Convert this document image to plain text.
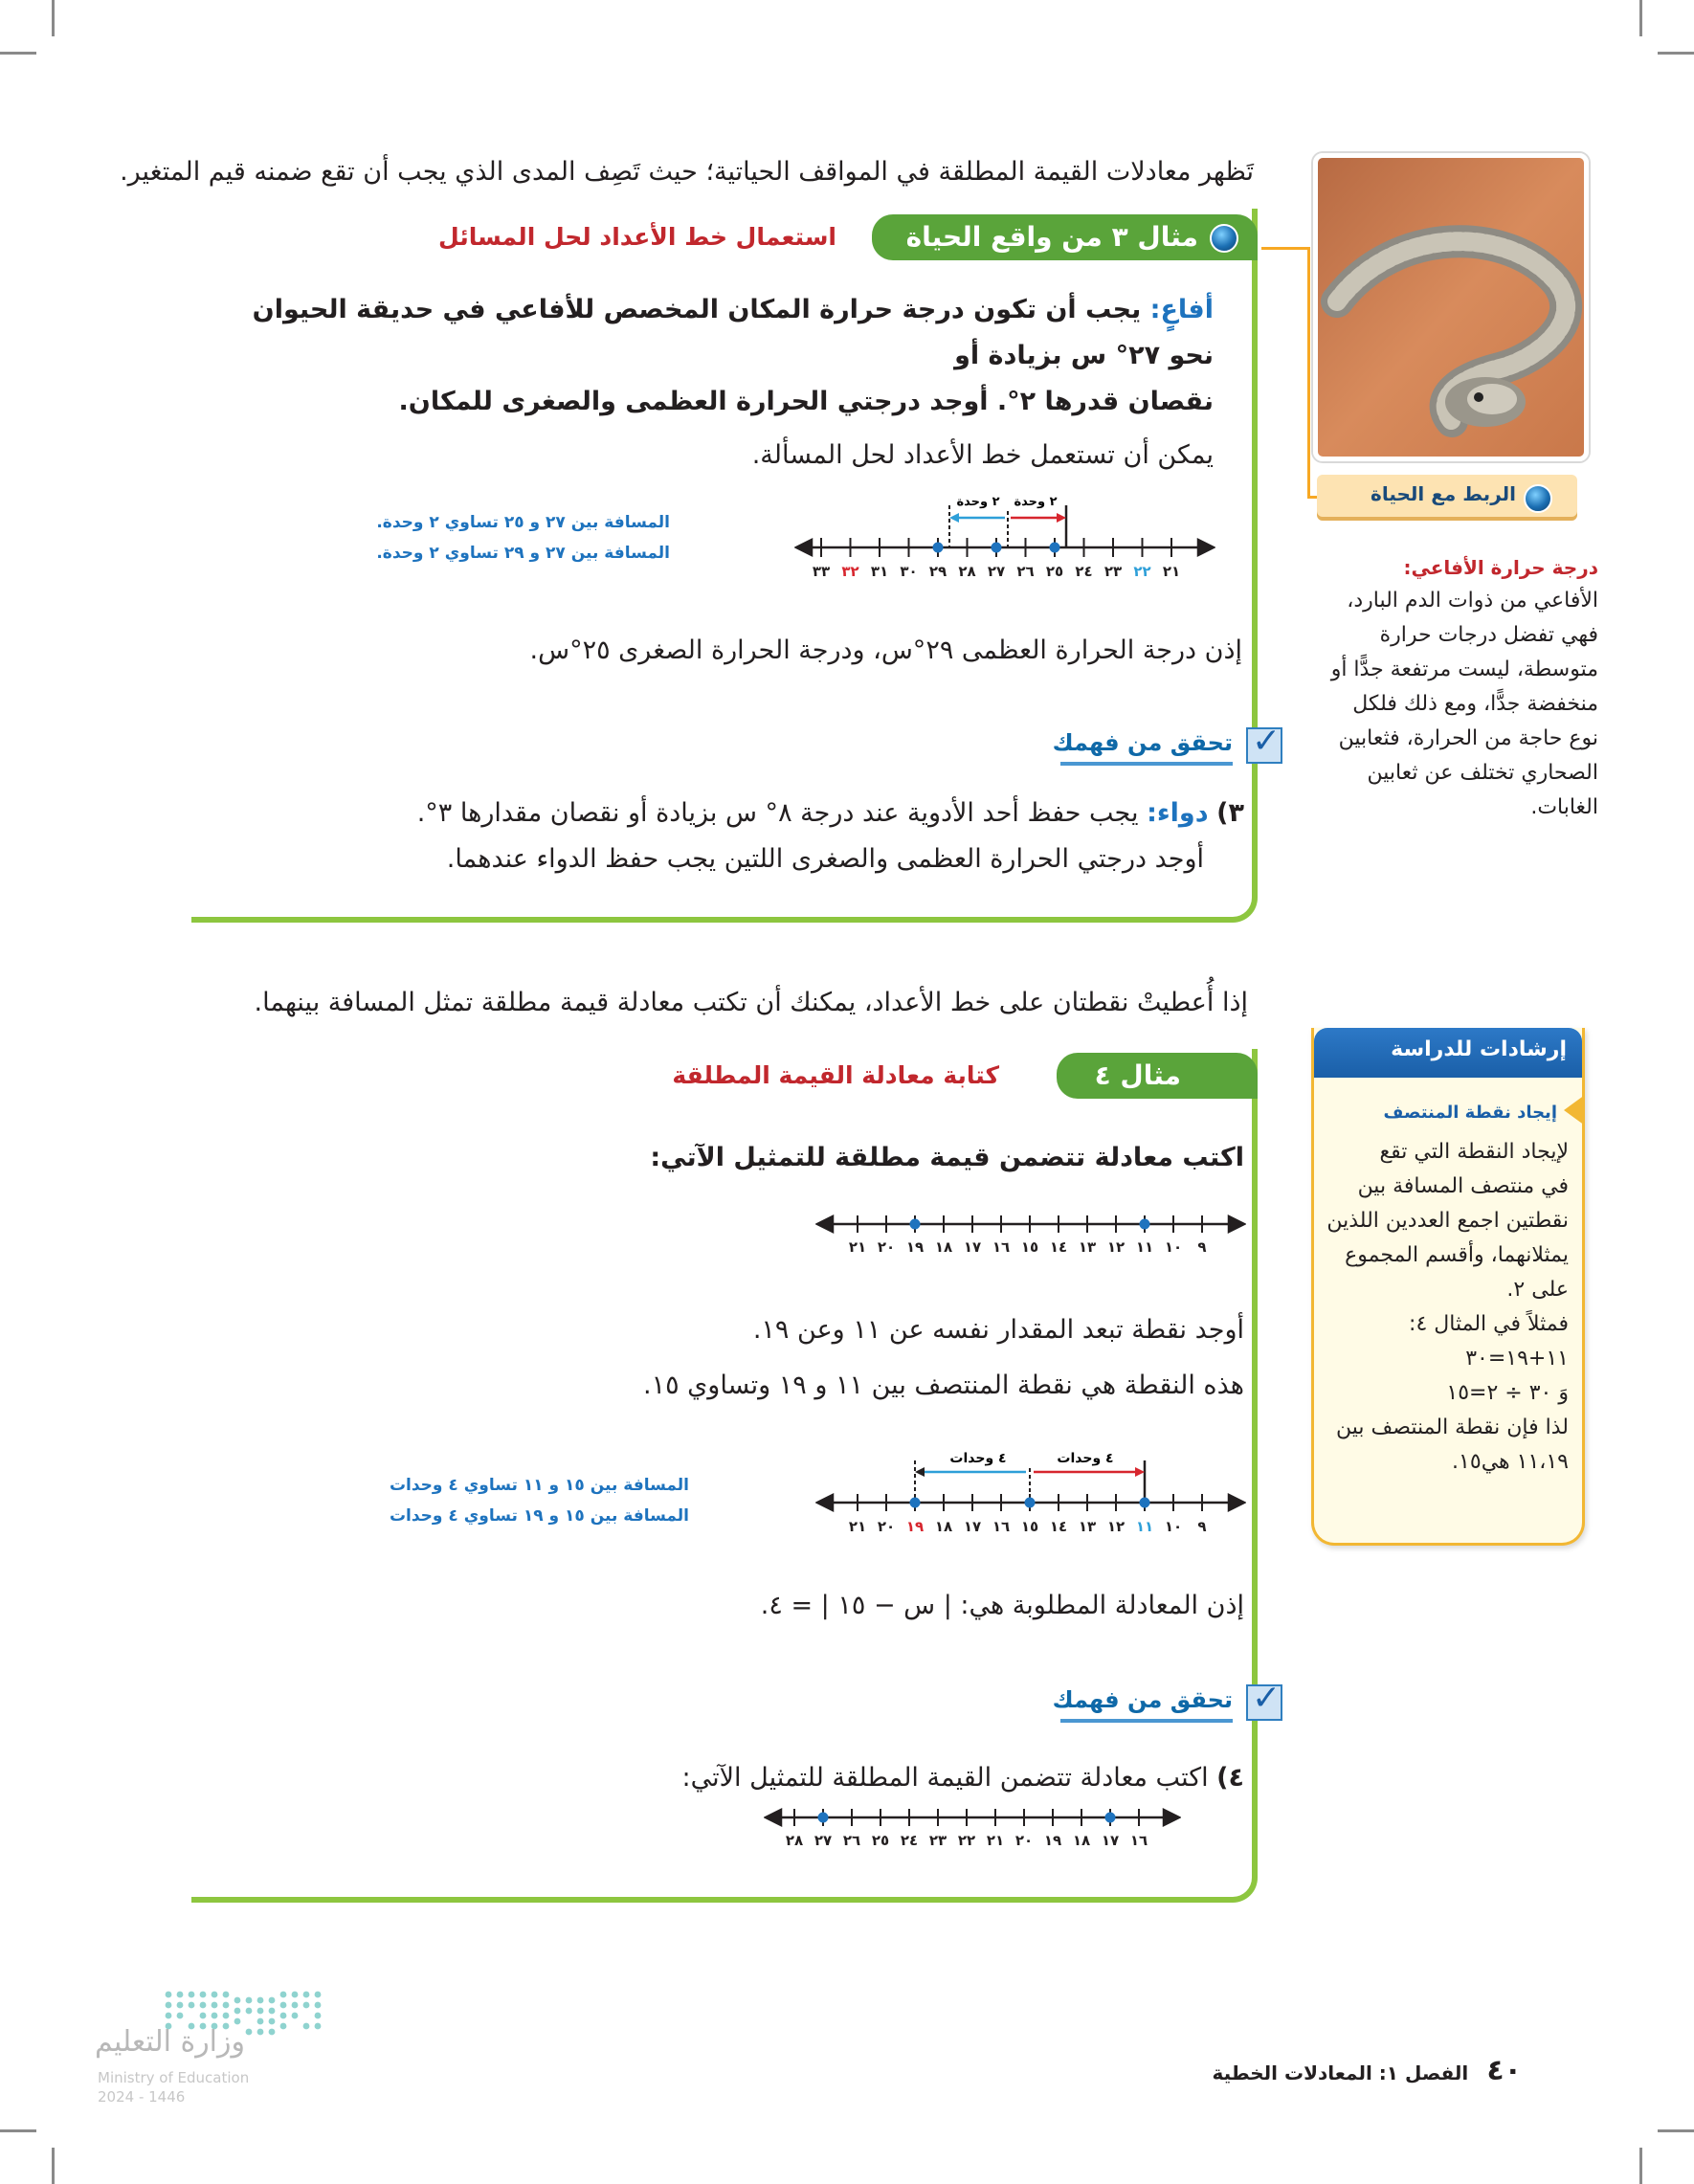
تَظهر معادلات القيمة المطلقة في المواقف الحياتية؛ حيث تَصِف المدى الذي يجب أن تقع ضمنه قيم المتغير.
مثال ٣ من واقع الحياة
استعمال خط الأعداد لحل المسائل
أفاعٍ: يجب أن تكون درجة حرارة المكان المخصص للأفاعي في حديقة الحيوان نحو ٢٧° س بزيادة أو
نقصان قدرها ٢°. أوجد درجتي الحرارة العظمى والصغرى للمكان.
يمكن أن تستعمل خط الأعداد لحل المسألة.
٣٣ ٣٢ ٣١ ٣٠ ٢٩ ٢٨ ٢٧ ٢٦ ٢٥ ٢٤ ٢٣ ٢٢ ٢١
٢ وحدة ٢ وحدة
المسافة بين ٢٧ و ٢٥ تساوي ٢ وحدة.
المسافة بين ٢٧ و ٢٩ تساوي ٢ وحدة.
إذن درجة الحرارة العظمى ٢٩°س، ودرجة الحرارة الصغرى ٢٥°س.
تحقق من فهمك ✓
٣) دواء: يجب حفظ أحد الأدوية عند درجة ٨° س بزيادة أو نقصان مقدارها ٣°.
أوجد درجتي الحرارة العظمى والصغرى اللتين يجب حفظ الدواء عندهما.
إذا أُعطيتْ نقطتان على خط الأعداد، يمكنك أن تكتب معادلة قيمة مطلقة تمثل المسافة بينهما.
مثال ٤
كتابة معادلة القيمة المطلقة
اكتب معادلة تتضمن قيمة مطلقة للتمثيل الآتي:
٢١ ٢٠ ١٩ ١٨ ١٧ ١٦ ١٥ ١٤ ١٣ ١٢ ١١ ١٠ ٩
أوجد نقطة تبعد المقدار نفسه عن ١١ وعن ١٩.
هذه النقطة هي نقطة المنتصف بين ١١ و ١٩ وتساوي ١٥.
٢١ ٢٠ ١٩ ١٨ ١٧ ١٦ ١٥ ١٤ ١٣ ١٢ ١١ ١٠ ٩
٤ وحدات	٤ وحدات
المسافة بين ١٥ و ١١ تساوي ٤ وحدات
المسافة بين ١٥ و ١٩ تساوي ٤ وحدات
إذن المعادلة المطلوبة هي: | س − ١٥ | = ٤.
تحقق من فهمك ✓
٤) اكتب معادلة تتضمن القيمة المطلقة للتمثيل الآتي:
٢٨ ٢٧ ٢٦ ٢٥ ٢٤ ٢٣ ٢٢ ٢١ ٢٠ ١٩ ١٨ ١٧ ١٦
الربط مع الحياة
درجة حرارة الأفاعي:
الأفاعي من ذوات الدم البارد،
فهي تفضل درجات حرارة
متوسطة، ليست مرتفعة جدًّا أو
منخفضة جدًّا، ومع ذلك فلكل
نوع حاجة من الحرارة، فثعابين
الصحاري تختلف عن ثعابين
الغابات.
إرشادات للدراسة
إيجاد نقطة المنتصف
لإيجاد النقطة التي تقع
في منتصف المسافة بين
نقطتين اجمع العددين اللذين
يمثلانهما، وأقسم المجموع
على ٢.
فمثلاً في المثال ٤:
١١+١٩=٣٠
وَ ٣٠ ÷ ٢=١٥
لذا فإن نقطة المنتصف بين
١١،١٩ هي١٥.
وزارة التعليم
Ministry of Education
2024 - 1446
٤٠ الفصل ١: المعادلات الخطية
